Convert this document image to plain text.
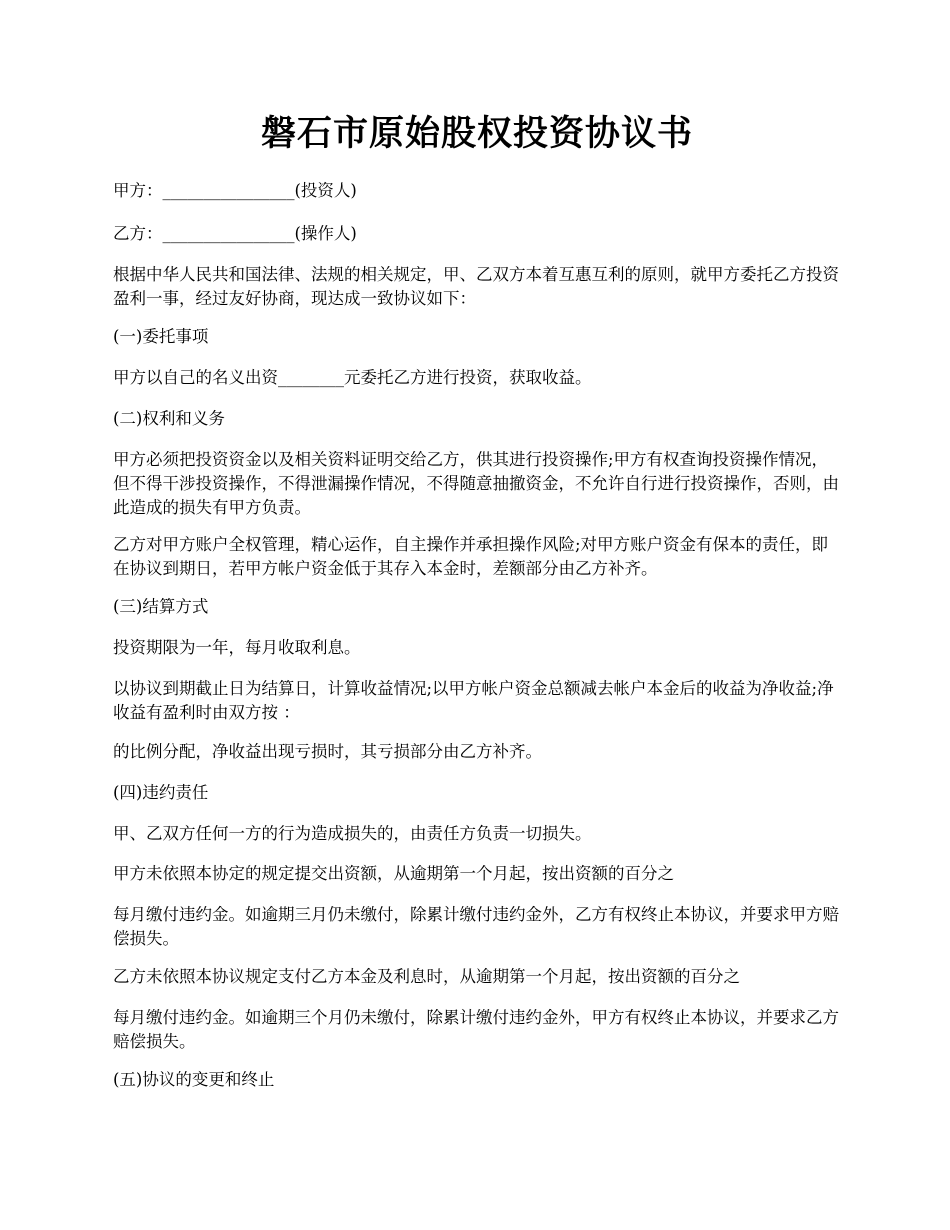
磐石市原始股权投资协议书

甲方：________________(投资人)

乙方：________________(操作人)

根据中华人民共和国法律、法规的相关规定，甲、乙双方本着互惠互利的原则，就甲方委托乙方投资盈利一事，经过友好协商，现达成一致协议如下：

(一)委托事项

甲方以自己的名义出资________元委托乙方进行投资，获取收益。

(二)权利和义务

甲方必须把投资资金以及相关资料证明交给乙方，供其进行投资操作;甲方有权查询投资操作情况，但不得干涉投资操作，不得泄漏操作情况，不得随意抽撤资金，不允许自行进行投资操作，否则，由此造成的损失有甲方负责。

乙方对甲方账户全权管理，精心运作，自主操作并承担操作风险;对甲方账户资金有保本的责任，即在协议到期日，若甲方帐户资金低于其存入本金时，差额部分由乙方补齐。

(三)结算方式

投资期限为一年，每月收取利息。

以协议到期截止日为结算日，计算收益情况;以甲方帐户资金总额减去帐户本金后的收益为净收益;净收益有盈利时由双方按 ：

的比例分配，净收益出现亏损时，其亏损部分由乙方补齐。

(四)违约责任

甲、乙双方任何一方的行为造成损失的，由责任方负责一切损失。

甲方未依照本协定的规定提交出资额，从逾期第一个月起，按出资额的百分之

每月缴付违约金。如逾期三月仍未缴付，除累计缴付违约金外，乙方有权终止本协议，并要求甲方赔偿损失。

乙方未依照本协议规定支付乙方本金及利息时，从逾期第一个月起，按出资额的百分之

每月缴付违约金。如逾期三个月仍未缴付，除累计缴付违约金外，甲方有权终止本协议，并要求乙方赔偿损失。

(五)协议的变更和终止
